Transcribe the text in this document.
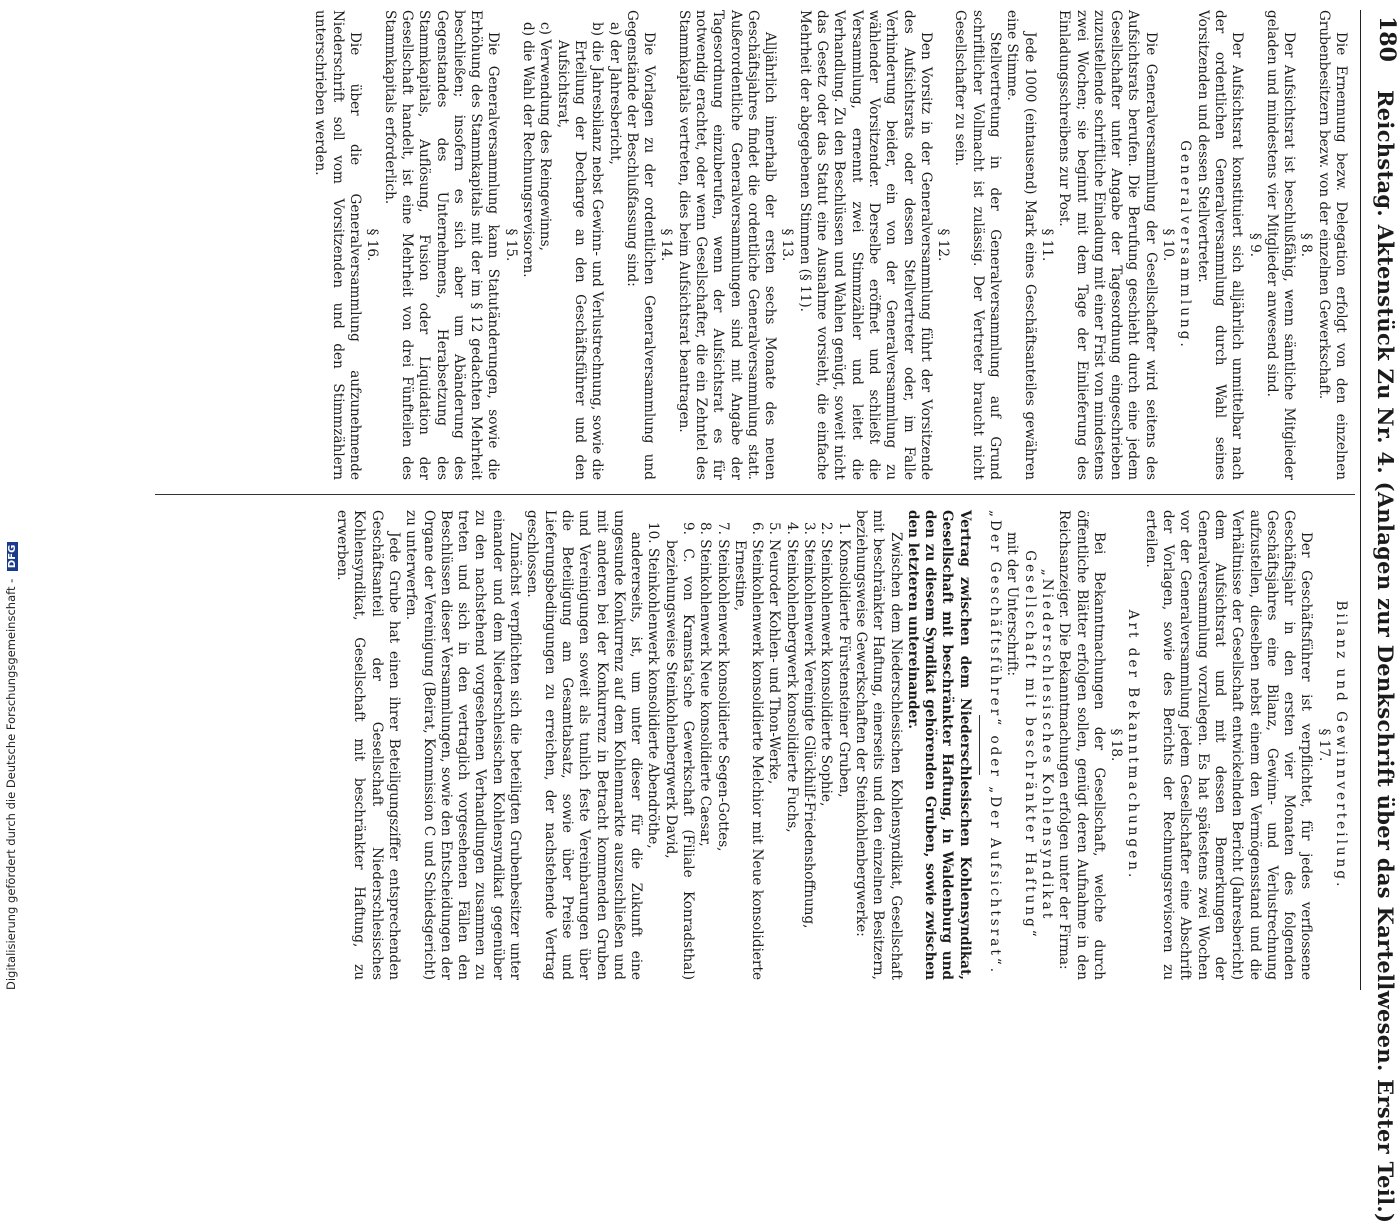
180
Reichstag. Aktenstück Zu Nr. 4. (Anlagen zur Denkschrift über das Kartellwesen. Erster Teil.)

Die Ernennung bezw. Delegation erfolgt von den einzelnen Grubenbesitzern bezw. von der einzelnen Gewerkschaft.

§ 8.

Der Aufsichtsrat ist beschlußfähig, wenn sämtliche Mitglieder geladen und mindestens vier Mitglieder anwesend sind.

§ 9.

Der Aufsichtsrat konstituiert sich alljährlich unmittelbar nach der ordentlichen Generalversammlung durch Wahl seines Vorsitzenden und dessen Stellvertreter.

Generalversammlung.

§ 10.

Die Generalversammlung der Gesellschafter wird seitens des Aufsichtsrats berufen. Die Berufung geschieht durch eine jedem Gesellschafter unter Angabe der Tagesordnung eingeschrieben zuzustellende schriftliche Einladung mit einer Frist von mindestens zwei Wochen; sie beginnt mit dem Tage der Einlieferung des Einladungsschreibens zur Post.

§ 11.

Jede 1000 (eintausend) Mark eines Geschäftsanteiles gewähren eine Stimme.

Stellvertretung in der Generalversammlung auf Grund schriftlicher Vollmacht ist zulässig. Der Vertreter braucht nicht Gesellschafter zu sein.

§ 12.

Den Vorsitz in der Generalversammlung führt der Vorsitzende des Aufsichtsrats oder dessen Stellvertreter oder, im Falle Verhinderung beider, ein von der Generalversammlung zu wählender Vorsitzender. Derselbe eröffnet und schließt die Versammlung, ernennt zwei Stimmzähler und leitet die Verhandlung. Zu den Beschlüssen und Wahlen genügt, soweit nicht das Gesetz oder das Statut eine Ausnahme vorsieht, die einfache Mehrheit der abgegebenen Stimmen (§ 11).

§ 13.

Alljährlich innerhalb der ersten sechs Monate des neuen Geschäftsjahres findet die ordentliche Generalversammlung statt. Außerordentliche Generalversammlungen sind mit Angabe der Tagesordnung einzuberufen, wenn der Aufsichtsrat es für notwendig erachtet, oder wenn Gesellschafter, die ein Zehntel des Stammkapitals vertreten, dies beim Aufsichtsrat beantragen.

§ 14.

Die Vorlagen zu der ordentlichen Generalversammlung und Gegenstände der Beschlußfassung sind:

a) der Jahresbericht,

b) die Jahresbilanz nebst Gewinn- und Verlustrechnung, sowie die Erteilung der Decharge an den Geschäftsführer und den Aufsichtsrat,

c) Verwendung des Reingewinns,

d) die Wahl der Rechnungsrevisoren.

§ 15.

Die Generalversammlung kann Statutänderungen, sowie die Erhöhung des Stammkapitals mit der im § 12 gedachten Mehrheit beschließen; insofern es sich aber um Abänderung des Gegenstandes des Unternehmens, Herabsetzung des Stammkapitals, Auflösung, Fusion oder Liquidation der Gesellschaft handelt, ist eine Mehrheit von drei Fünfteilen des Stammkapitals erforderlich.

§ 16.

Die über die Generalversammlung aufzunehmende Niederschrift soll vom Vorsitzenden und den Stimmzählern unterschrieben werden.

Bilanz und Gewinnverteilung.

§ 17.

Der Geschäftsführer ist verpflichtet, für jedes verflossene Geschäftsjahr in den ersten vier Monaten des folgenden Geschäftsjahres eine Bilanz, Gewinn- und Verlustrechnung aufzustellen, dieselben nebst einem den Vermögensstand und die Verhältnisse der Gesellschaft entwickelnden Bericht (Jahresbericht) dem Aufsichtsrat und mit dessen Bemerkungen der Generalversammlung vorzulegen. Es hat spätestens zwei Wochen vor der Generalversammlung jedem Gesellschafter eine Abschrift der Vorlagen, sowie des Berichts der Rechnungsrevisoren zu erteilen.

Art der Bekanntmachungen.

§ 18.

Bei Bekanntmachungen der Gesellschaft, welche durch öffentliche Blätter erfolgen sollen, genügt deren Aufnahme in den Reichsanzeiger. Die Bekanntmachungen erfolgen unter der Firma:

„Niederschlesisches Kohlensyndikat Gesellschaft mit beschränkter Haftung“

mit der Unterschrift:

„Der Geschäftsführer“ oder „Der Aufsichtsrat“.

Vertrag zwischen dem Niederschlesischen Kohlensyndikat, Gesellschaft mit beschränkter Haftung, in Waldenburg und den zu diesem Syndikat gehörenden Gruben, sowie zwischen den letzteren untereinander.

Zwischen dem Niederschlesischen Kohlensyndikat, Gesellschaft mit beschränkter Haftung, einerseits und den einzelnen Besitzern, beziehungsweise Gewerkschaften der Steinkohlenbergwerke:

1. Konsolidierte Fürstensteiner Gruben,

2. Steinkohlenwerk konsolidierte Sophie,

3. Steinkohlenwerk Vereinigte Glückhilf-Friedenshoffnung,

4. Steinkohlenbergwerk konsolidierte Fuchs,

5. Neuroder Kohlen- und Thon-Werke,

6. Steinkohlenwerk konsolidierte Melchior mit Neue konsolidierte Ernestine,

7. Steinkohlenwerk konsolidierte Segen-Gottes,

8. Steinkohlenwerk Neue konsolidierte Caesar,

9. C. von Kramsta'sche Gewerkschaft (Filiale Konradsthal) beziehungsweise Steinkohlenbergwerk David,

10. Steinkohlenwerk konsolidierte Abendröthe,

andererseits, ist, um unter dieser für die Zukunft eine ungesunde Konkurrenz auf dem Kohlenmarkte auszuschließen und mit anderen bei der Konkurrenz in Betracht kommenden Gruben und Vereinigungen soweit als tunlich feste Vereinbarungen über die Beteiligung am Gesamtabsatz, sowie über Preise und Lieferungsbedingungen zu erreichen, der nachstehende Vertrag geschlossen.

Zunächst verpflichten sich die beteiligten Grubenbesitzer unter einander und dem Niederschlesischen Kohlensyndikat gegenüber zu den nachstehend vorgesehenen Verhandlungen zusammen zu treten und sich in den vertraglich vorgesehenen Fällen den Beschlüssen dieser Versammlungen, sowie den Entscheidungen der Organe der Vereinigung (Beirat, Kommission C und Schiedsgericht) zu unterwerfen.

Jede Grube hat einen ihrer Beteiligungsziffer entsprechenden Geschäftsanteil der Gesellschaft Niederschlesisches Kohlensyndikat, Gesellschaft mit beschränkter Haftung, zu erwerben.

Digitalisierung gefördert durch die Deutsche Forschungsgemeinschaft - DFG
